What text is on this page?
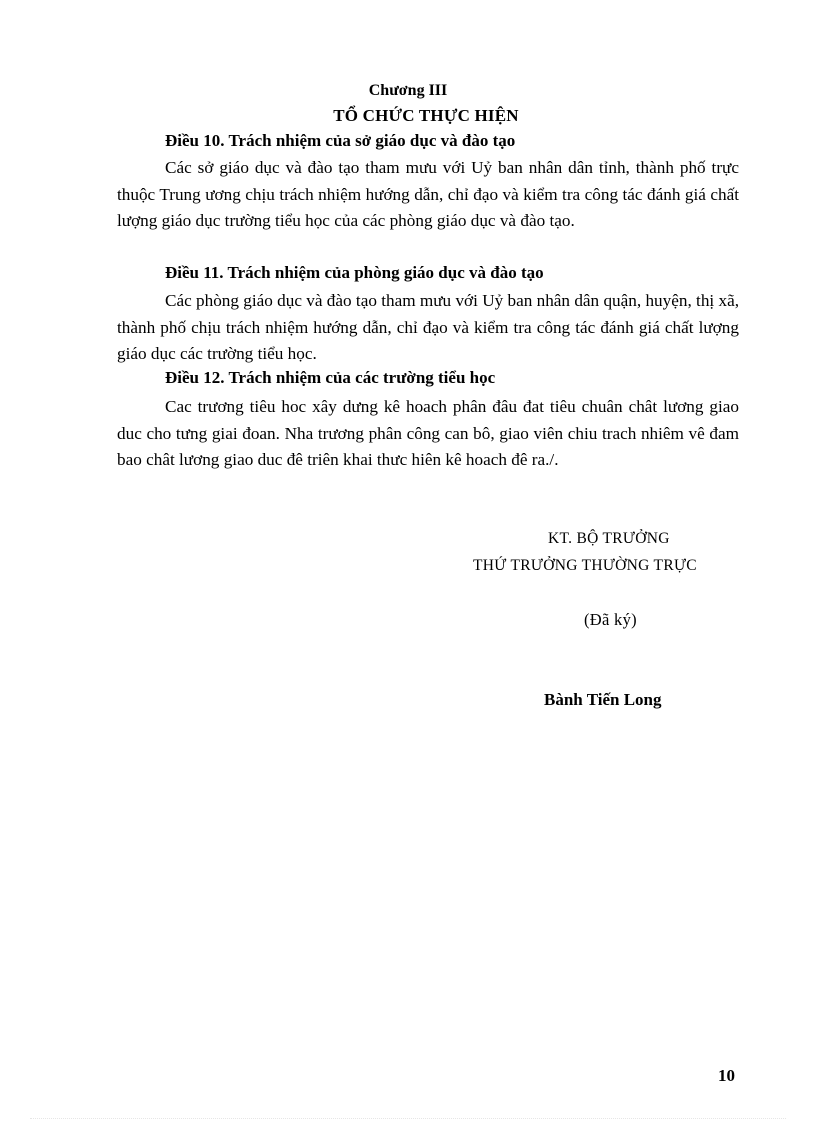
Chương III
TỔ CHỨC THỰC HIỆN
Điều 10. Trách nhiệm của sở giáo dục và đào tạo

Các sở giáo dục và đào tạo tham mưu với Uỷ ban nhân dân tỉnh, thành phố trực thuộc Trung ương chịu trách nhiệm hướng dẫn, chỉ đạo và kiểm tra công tác đánh giá chất lượng giáo dục trường tiểu học của các phòng giáo dục và đào tạo.

Điều 11. Trách nhiệm của phòng giáo dục và đào tạo

Các phòng giáo dục và đào tạo tham mưu với Uỷ ban nhân dân quận, huyện, thị xã, thành phố chịu trách nhiệm hướng dẫn, chỉ đạo và kiểm tra công tác đánh giá chất lượng giáo dục các trường tiểu học.

Điều 12. Trách nhiệm của các trường tiểu học

Cac trương tiêu hoc xây dưng kê hoach phân đâu đat tiêu chuân chât lương giao duc cho tưng giai đoan. Nha trương phân công can bô, giao viên chiu trach nhiêm vê đam bao chât lương giao duc đê triên khai thưc hiên kê hoach đê ra./.

KT. BỘ TRƯỞNG
THỨ TRƯỞNG THƯỜNG TRỰC
(Đã ký)
Bành Tiến Long
10
